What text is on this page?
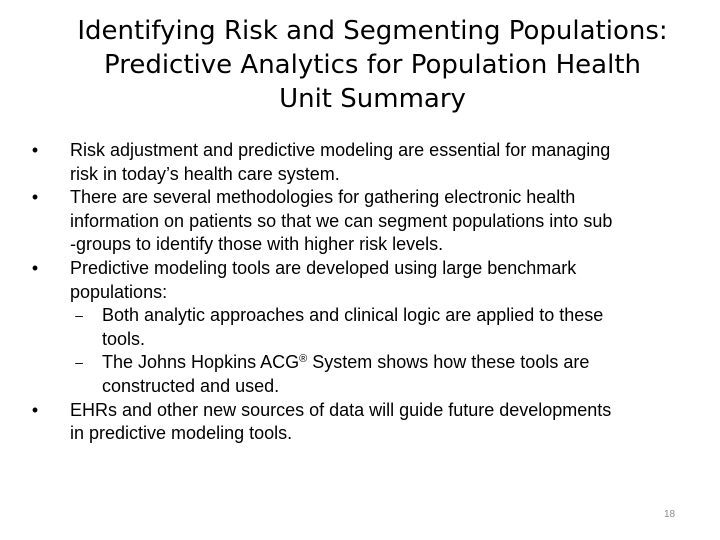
Identifying Risk and Segmenting Populations:
Predictive Analytics for Population Health
Unit Summary
• Risk adjustment and predictive modeling are essential for managing
risk in today’s health care system.
• There are several methodologies for gathering electronic health
information on patients so that we can segment populations into sub
-groups to identify those with higher risk levels.
• Predictive modeling tools are developed using large benchmark
populations:
– Both analytic approaches and clinical logic are applied to these
tools.
– The Johns Hopkins ACG® System shows how these tools are
constructed and used.
• EHRs and other new sources of data will guide future developments
in predictive modeling tools.
18
